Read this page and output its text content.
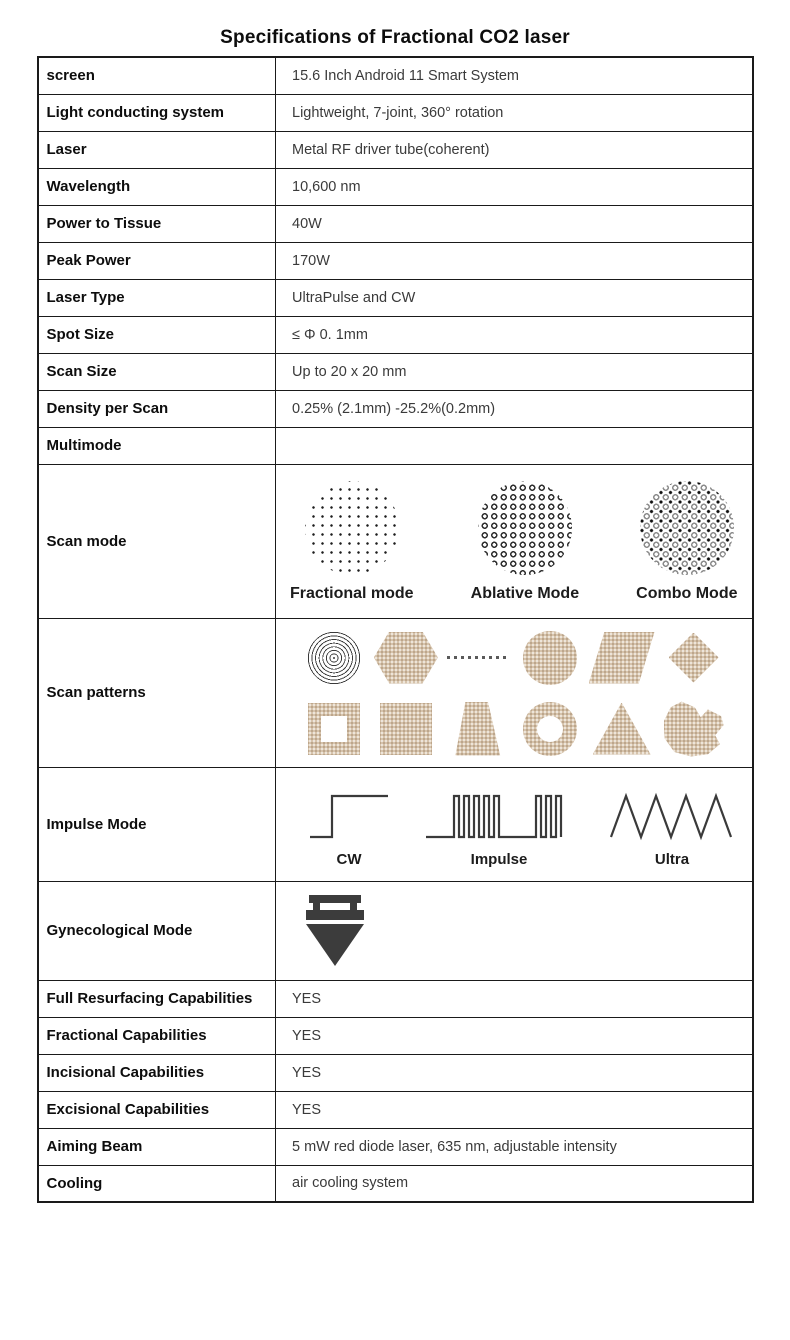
Specifications of Fractional CO2 laser
screen	15.6 Inch Android 11 Smart System
Light conducting system	Lightweight, 7-joint, 360° rotation
Laser	Metal RF driver tube(coherent)
Wavelength	10,600 nm
Power to Tissue	40W
Peak Power	170W
Laser Type	UltraPulse and CW
Spot Size	≤ Φ 0. 1mm
Scan Size	Up to 20 x 20 mm
Density per Scan	0.25% (2.1mm) -25.2%(0.2mm)
Multimode	
Scan mode	Fractional mode Ablative Mode Combo Mode

Scan patterns	

Impulse Mode	CW Impulse Ultra

Gynecological Mode	

Full Resurfacing Capabilities	YES
Fractional Capabilities	YES
Incisional Capabilities	YES
Excisional Capabilities	YES
Aiming Beam	5 mW red diode laser, 635 nm, adjustable intensity
Cooling	air cooling system
